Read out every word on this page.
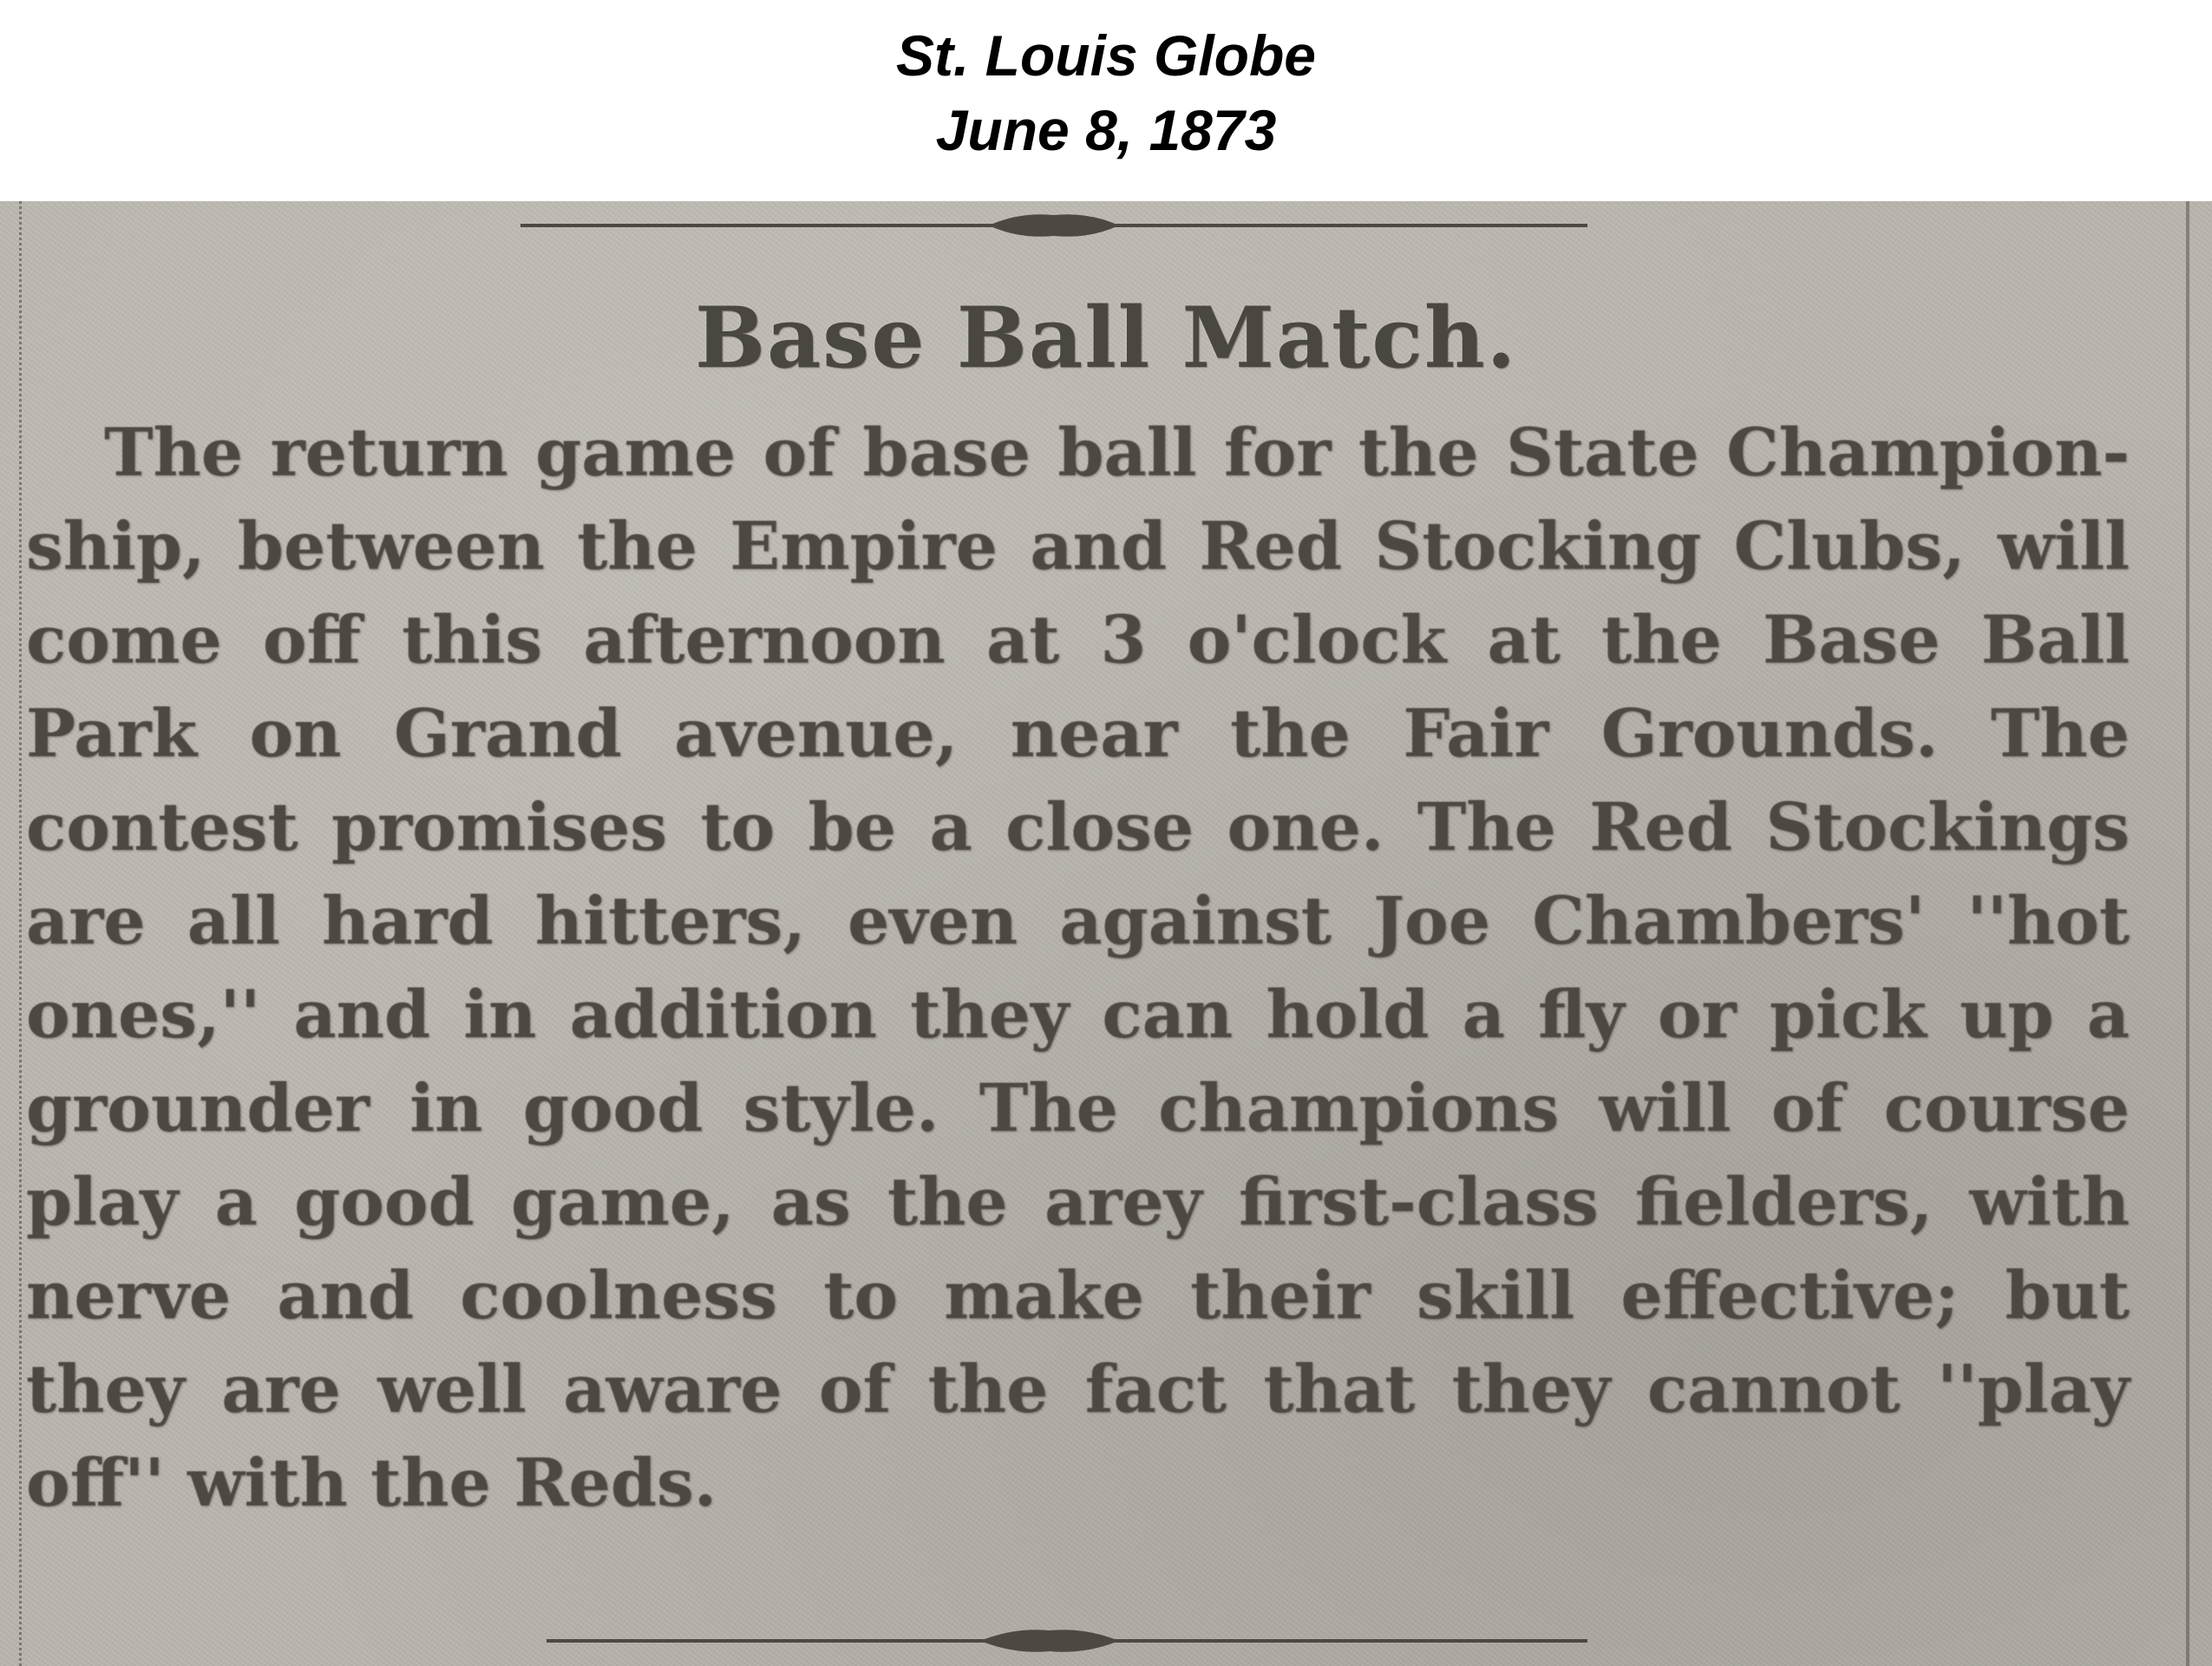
St. Louis Globe
June 8, 1873
Base Ball Match.
The return game of base ball for the State Champion-
ship, between the Empire and Red Stocking Clubs, will
come off this afternoon at 3 o'clock at the Base Ball
Park on Grand avenue, near the Fair Grounds. The
contest promises to be a close one. The Red Stockings
are all hard hitters, even against Joe Chambers' ''hot
ones,'' and in addition they can hold a fly or pick up a
grounder in good style. The champions will of course
play a good game, as the arey first-class fielders, with
nerve and coolness to make their skill effective; but
they are well aware of the fact that they cannot ''play
off'' with the Reds.
